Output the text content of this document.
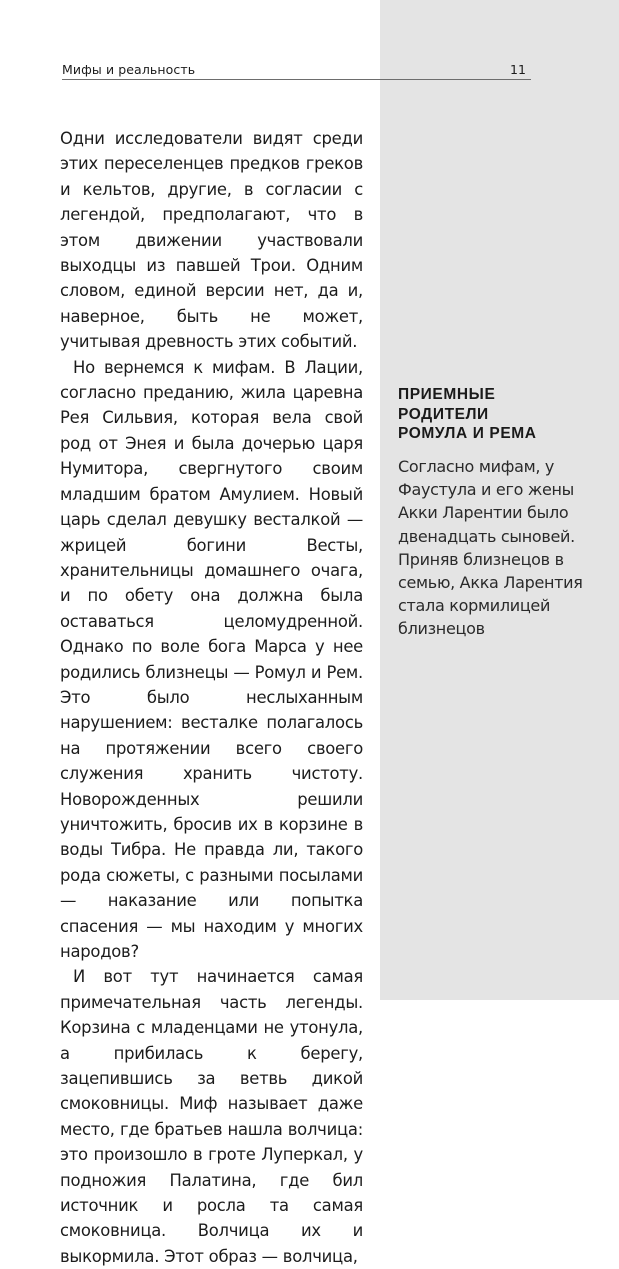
Мифы и реальность	11

Одни исследователи видят среди этих переселенцев предков греков и кельтов, другие, в согласии с легендой, предполагают, что в этом движении участвовали выходцы из павшей Трои. Одним словом, единой версии нет, да и, наверное, быть не может, учитывая древность этих событий.

Но вернемся к мифам. В Лации, согласно преданию, жила царевна Рея Сильвия, которая вела свой род от Энея и была дочерью царя Нумитора, свергнутого своим младшим братом Амулием. Новый царь сделал девушку весталкой — жрицей богини Весты, хранительницы домашнего очага, и по обету она должна была оставаться целомудренной. Однако по воле бога Марса у нее родились близнецы — Ромул и Рем. Это было неслыханным нарушением: весталке полагалось на протяжении всего своего служения хранить чистоту. Новорожденных решили уничтожить, бросив их в корзине в воды Тибра. Не правда ли, такого рода сюжеты, с разными посылами — наказание или попытка спасения — мы находим у многих народов?

И вот тут начинается самая примечательная часть легенды. Корзина с младенцами не утонула, а прибилась к берегу, зацепившись за ветвь дикой смоковницы. Миф называет даже место, где братьев нашла волчица: это произошло в гроте Луперкал, у подножия Палатина, где бил источник и росла та самая смоковница. Волчица их и выкормила. Этот образ — волчица,

ПРИЕМНЫЕ
РОДИТЕЛИ
РОМУЛА И РЕМА
Согласно мифам, у Фаустула и его жены Акки Ларентии было двенадцать сыновей. Приняв близнецов в семью, Акка Ларентия стала кормилицей близнецов
